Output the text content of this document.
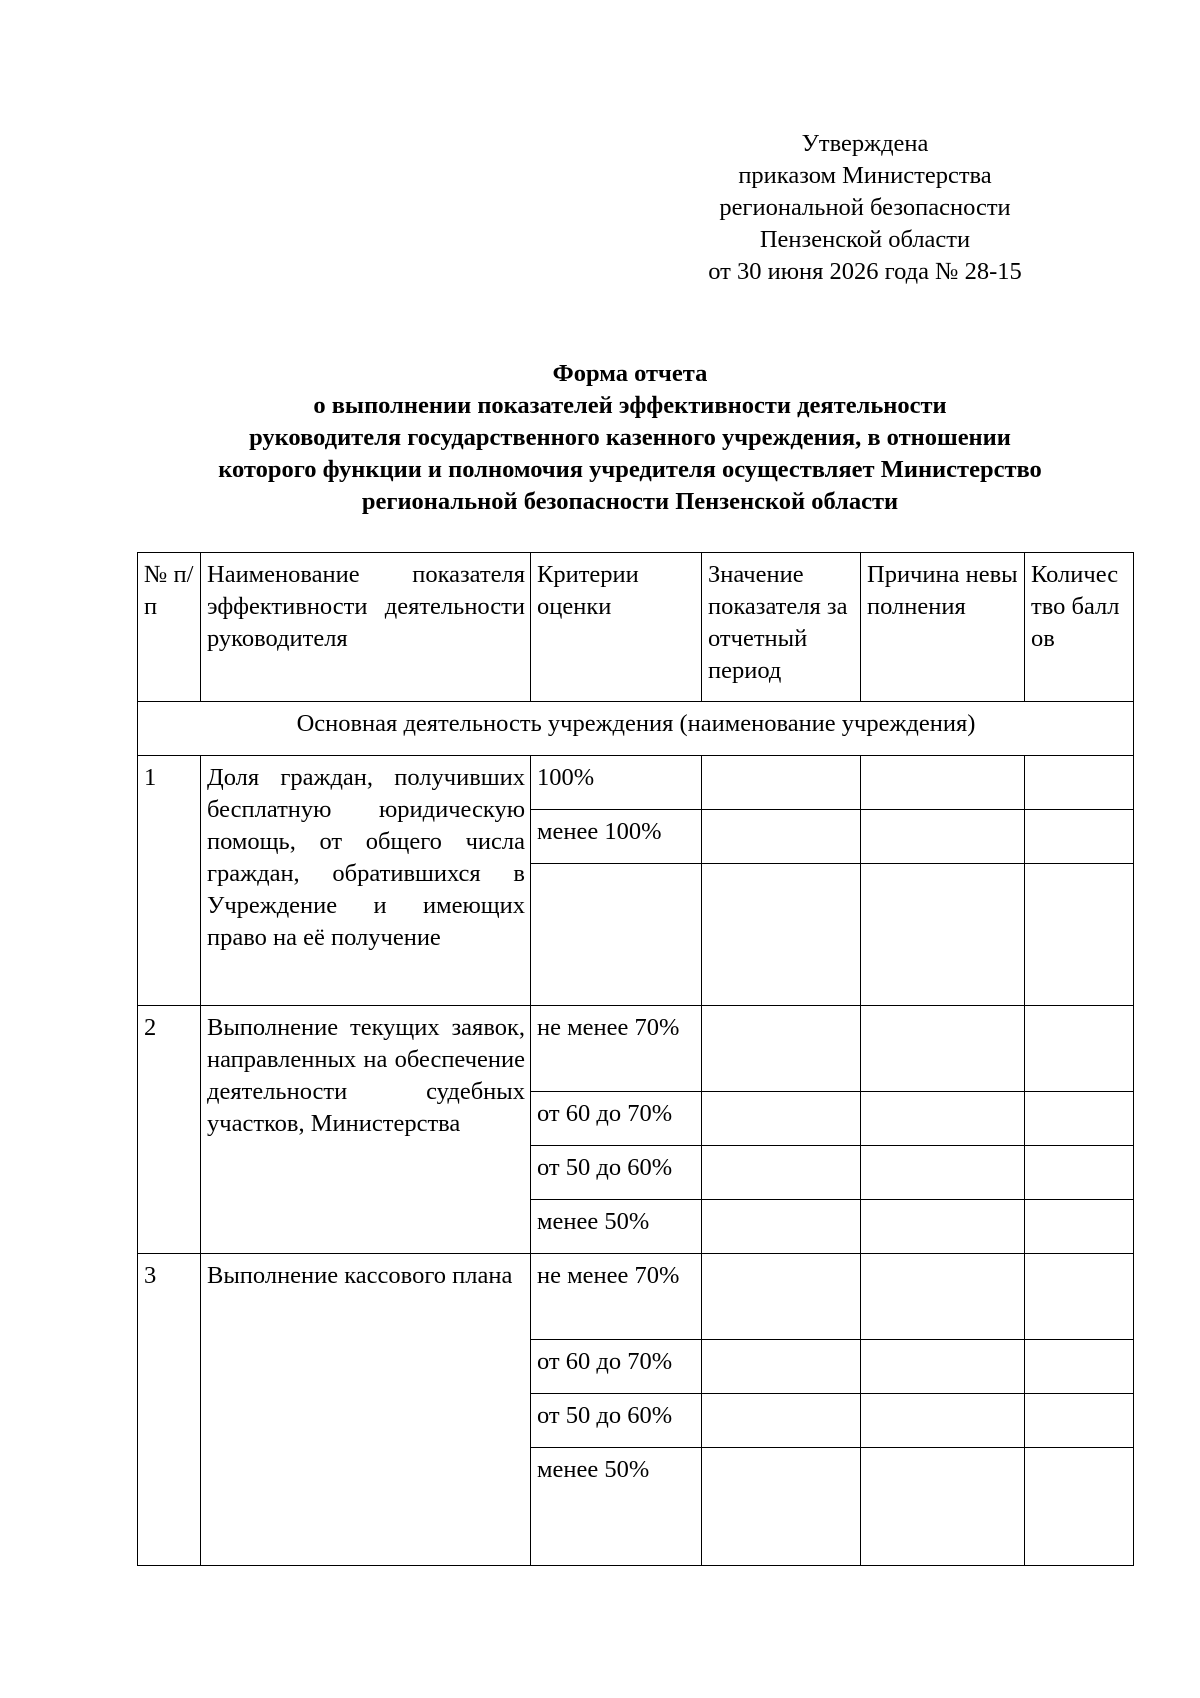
Утверждена
приказом Министерства
региональной безопасности
Пензенской области
от 30 июня 2026 года № 28-15
Форма отчета
о выполнении показателей эффективности деятельности
руководителя государственного казенного учреждения, в отношении
которого функции и полномочия учредителя осуществляет Министерство
региональной безопасности Пензенской области
№ п/п	Наименование показателя эффективности деятельности руководителя	Критерии оценки	Значение показателя за отчетный период	Причина невыполнения	Количество баллов
Основная деятельность учреждения (наименование учреждения)					
1	Доля граждан, получивших бесплатную юридическую помощь, от общего числа граждан, обратившихся в Учреждение и имеющих право на её получение	100%			
		менее 100%			

2	Выполнение текущих заявок, направленных на обеспечение деятельности судебных участков, Министерства	не менее 70%			
		от 60 до 70%			
		от 50 до 60%			
		менее 50%			
3	Выполнение кассового плана	не менее 70%			
		от 60 до 70%			
		от 50 до 60%			
		менее 50%			
